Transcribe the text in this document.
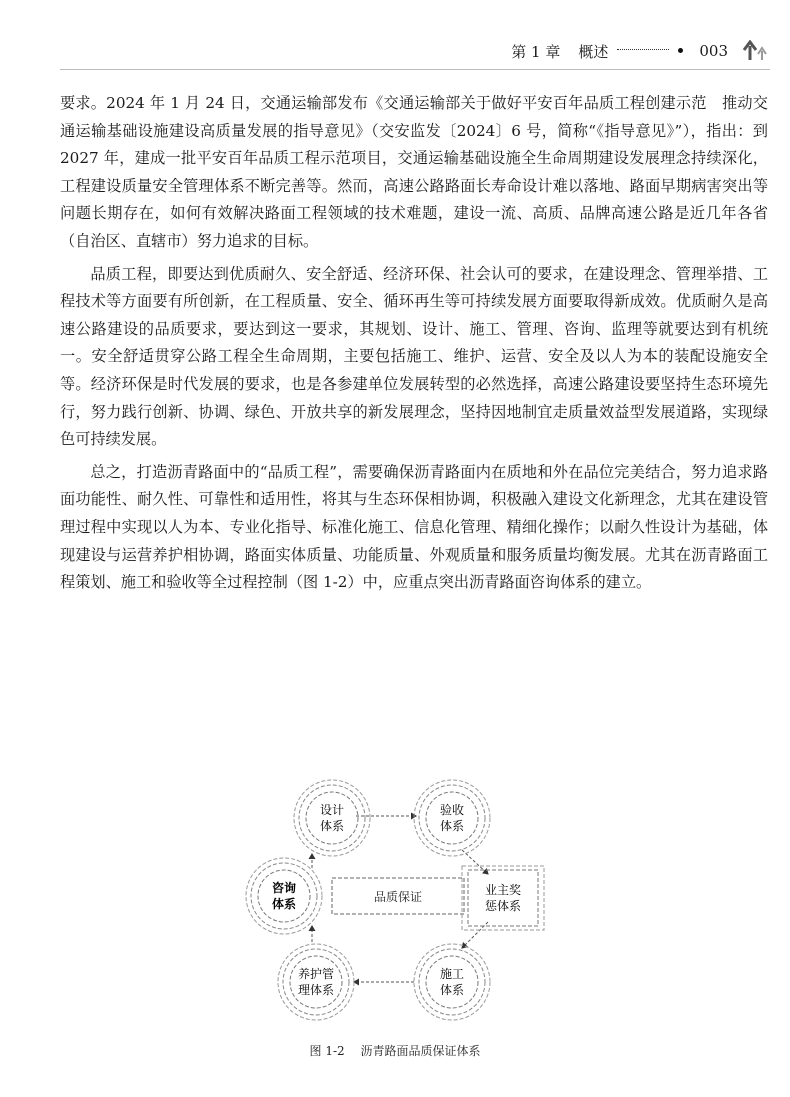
第 1 章 概述	003

要求。2024 年 1 月 24 日，交通运输部发布《交通运输部关于做好平安百年品质工程创建示范　推动交通运输基础设施建设高质量发展的指导意见》（交安监发〔2024〕6 号，简称“《指导意见》”），指出：到 2027 年，建成一批平安百年品质工程示范项目，交通运输基础设施全生命周期建设发展理念持续深化，工程建设质量安全管理体系不断完善等。然而，高速公路路面长寿命设计难以落地、路面早期病害突出等问题长期存在，如何有效解决路面工程领域的技术难题，建设一流、高质、品牌高速公路是近几年各省（自治区、直辖市）努力追求的目标。

品质工程，即要达到优质耐久、安全舒适、经济环保、社会认可的要求，在建设理念、管理举措、工程技术等方面要有所创新，在工程质量、安全、循环再生等可持续发展方面要取得新成效。优质耐久是高速公路建设的品质要求，要达到这一要求，其规划、设计、施工、管理、咨询、监理等就要达到有机统一。安全舒适贯穿公路工程全生命周期，主要包括施工、维护、运营、安全及以人为本的装配设施安全等。经济环保是时代发展的要求，也是各参建单位发展转型的必然选择，高速公路建设要坚持生态环境先行，努力践行创新、协调、绿色、开放共享的新发展理念，坚持因地制宜走质量效益型发展道路，实现绿色可持续发展。

总之，打造沥青路面中的“品质工程”，需要确保沥青路面内在质地和外在品位完美结合，努力追求路面功能性、耐久性、可靠性和适用性，将其与生态环保相协调，积极融入建设文化新理念，尤其在建设管理过程中实现以人为本、专业化指导、标准化施工、信息化管理、精细化操作；以耐久性设计为基础，体现建设与运营养护相协调，路面实体质量、功能质量、外观质量和服务质量均衡发展。尤其在沥青路面工程策划、施工和验收等全过程控制（图 1-2）中，应重点突出沥青路面咨询体系的建立。

品质保证
设计
体系
验收
体系
业主奖
惩体系
施工
体系
养护管
理体系
咨询
体系
图 1-2 沥青路面品质保证体系
